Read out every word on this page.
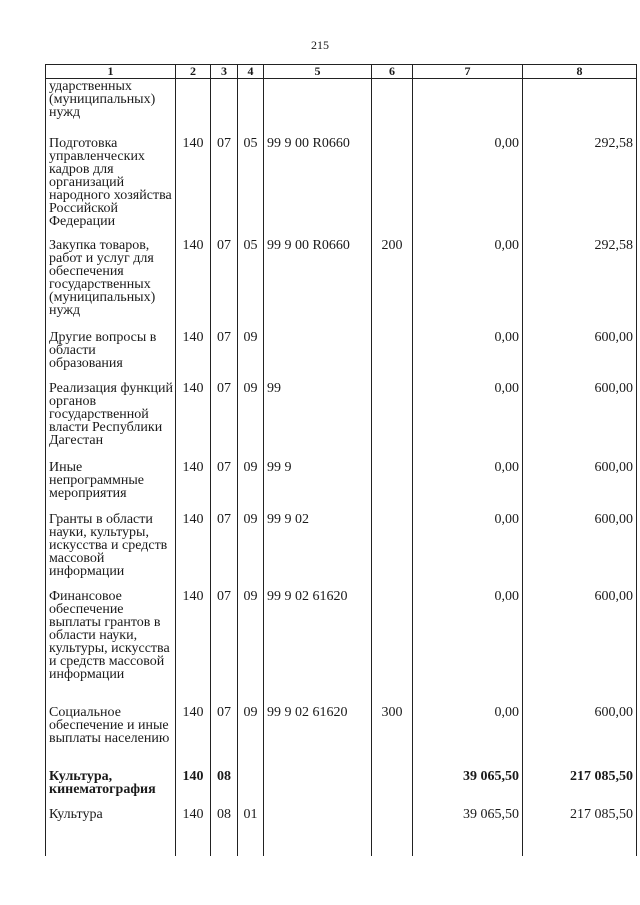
215
1	2	3	4	5	6	7	8
ударственных (муниципальных) нужд							
Подготовка управленческих кадров для организаций народного хозяйства Российской Федерации	140	07	05	99 9 00 R0660		0,00	292,58
Закупка товаров, работ и услуг для обеспечения государственных (муниципальных) нужд	140	07	05	99 9 00 R0660	200	0,00	292,58
Другие вопросы в области образования	140	07	09			0,00	600,00
Реализация функций органов государственной власти Республики Дагестан	140	07	09	99		0,00	600,00
Иные непрограммные мероприятия	140	07	09	99 9		0,00	600,00
Гранты в области науки, культуры, искусства и средств массовой информации	140	07	09	99 9 02		0,00	600,00
Финансовое обеспечение выплаты грантов в области науки, культуры, искусства и средств массовой информации	140	07	09	99 9 02 61620		0,00	600,00
Социальное обеспечение и иные выплаты населению	140	07	09	99 9 02 61620	300	0,00	600,00
Культура, кинематография	140	08				39 065,50	217 085,50
Культура	140	08	01			39 065,50	217 085,50
